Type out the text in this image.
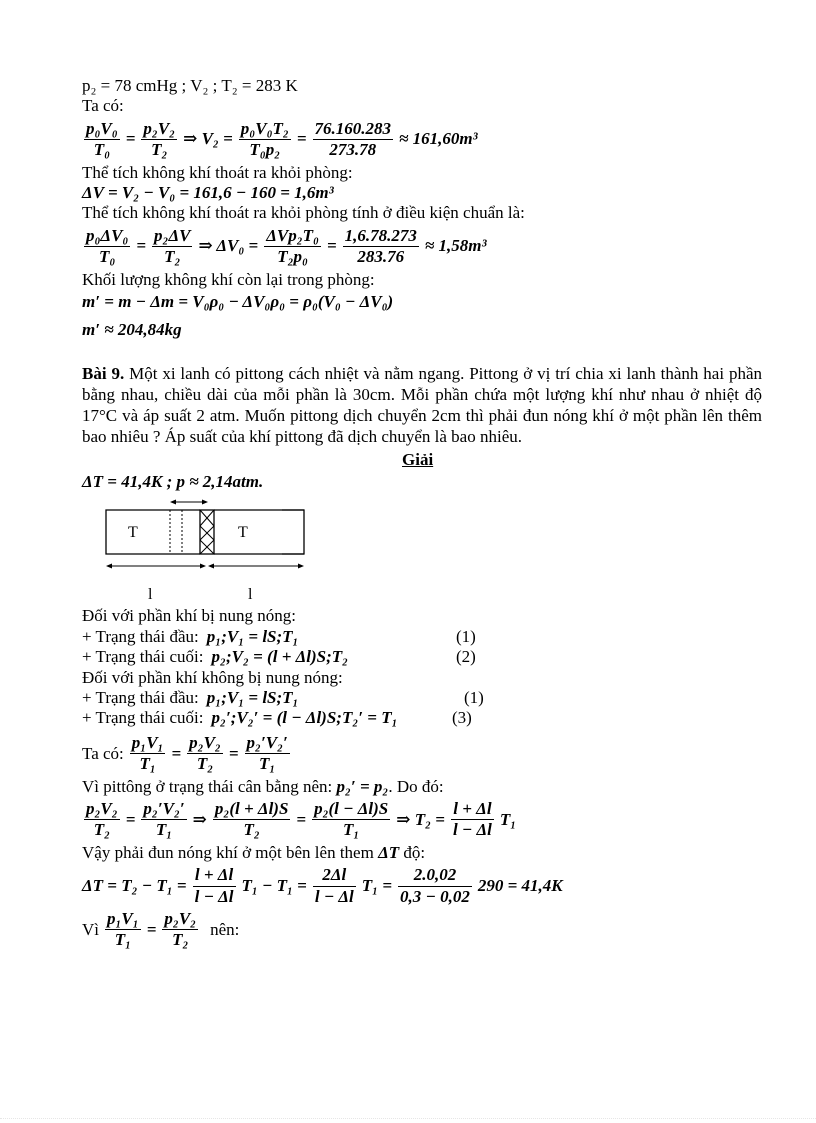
p₂ = 78 cmHg ; V₂ ; T₂ = 283 K

Ta có:

$\frac{\text{p₀V₀}}{\text{T₀}} = \frac{\text{p₂V₂}}{\text{T₂}}$ ⇒ $V_2 = \frac{\text{p₀V₀T₂}}{\text{T₀p₂}} = \frac{76.160.283}{273.78} \approx 161,60m^3$

Thể tích không khí thoát ra khỏi phòng:

ΔV = V₂ − V₀ = 161,6 − 160 = 1,6m³

Thể tích không khí thoát ra khỏi phòng tính ở điều kiện chuẩn là:

$\frac{\text{p₀ΔV₀}}{\text{T₀}} = \frac{\text{p₂ΔV}}{\text{T₂}}$ ⇒ $\Delta V_0 = \frac{\text{ΔVp₂T₀}}{\text{T₂p₀}} = \frac{1,6.78.273}{283.76} \approx 1,58m^3$

Khối lượng không khí còn lại trong phòng:

m′ = m − Δm = V₀ρ₀ − ΔV₀ρ₀ = ρ₀(V₀ − ΔV₀)

m′ ≈ 204,84kg

Bài 9. Một xi lanh có pittong cách nhiệt và nằm ngang. Pittong ở vị trí chia xi lanh thành hai phần bằng nhau, chiều dài của mỗi phần là 30cm. Mỗi phần chứa một lượng khí như nhau ở nhiệt độ 17°C và áp suất 2 atm. Muốn pittong dịch chuyển 2cm thì phải đun nóng khí ở một phần lên thêm bao nhiêu ? Áp suất của khí pittong đã dịch chuyển là bao nhiêu.

Giải

ΔT = 41,4K ; p ≈ 2,14atm.

T	T
l	l

Đối với phần khí bị nung nóng:

+ Trạng thái đầu: p₁;V₁ = lS;T₁	(1)
+ Trạng thái cuối: p₂;V₂ = (l + Δl)S;T₂	(2)

Đối với phần khí không bị nung nóng:

+ Trạng thái đầu: p₁;V₁ = lS;T₁	(1)
+ Trạng thái cuối: p₂′;V₂′ = (l − Δl)S;T₂′ = T₁	(3)
Ta có: $\frac{\text{p₁V₁}}{\text{T₁}} = \frac{\text{p₂V₂}}{\text{T₂}} = \frac{\text{p₂′V₂′}}{\text{T₁}}$

Vì pittông ở trạng thái cân bằng nên: p₂′ = p₂. Do đó:

$\frac{\text{p₂V₂}}{\text{T₂}} = \frac{\text{p₂′V₂′}}{\text{T₁}}$ ⇒ $\frac{\text{p₂(l + Δl)S}}{\text{T₂}} = \frac{\text{p₂(l − Δl)S}}{\text{T₁}}$ ⇒ $T_2 = \frac{l + \Delta l}{l - \Delta l} T_1$

Vậy phải đun nóng khí ở một bên lên them ΔT độ:

$\Delta T = T_2 - T_1 = \frac{l + \Delta l}{l - \Delta l} T_1 - T_1 = \frac{2\Delta l}{l - \Delta l} T_1 = \frac{2.0,02}{0,3 - 0,02} 290 = 41,4K$
Vì $\frac{\text{p₁V₁}}{\text{T₁}} = \frac{\text{p₂V₂}}{\text{T₂}}$ nên:
